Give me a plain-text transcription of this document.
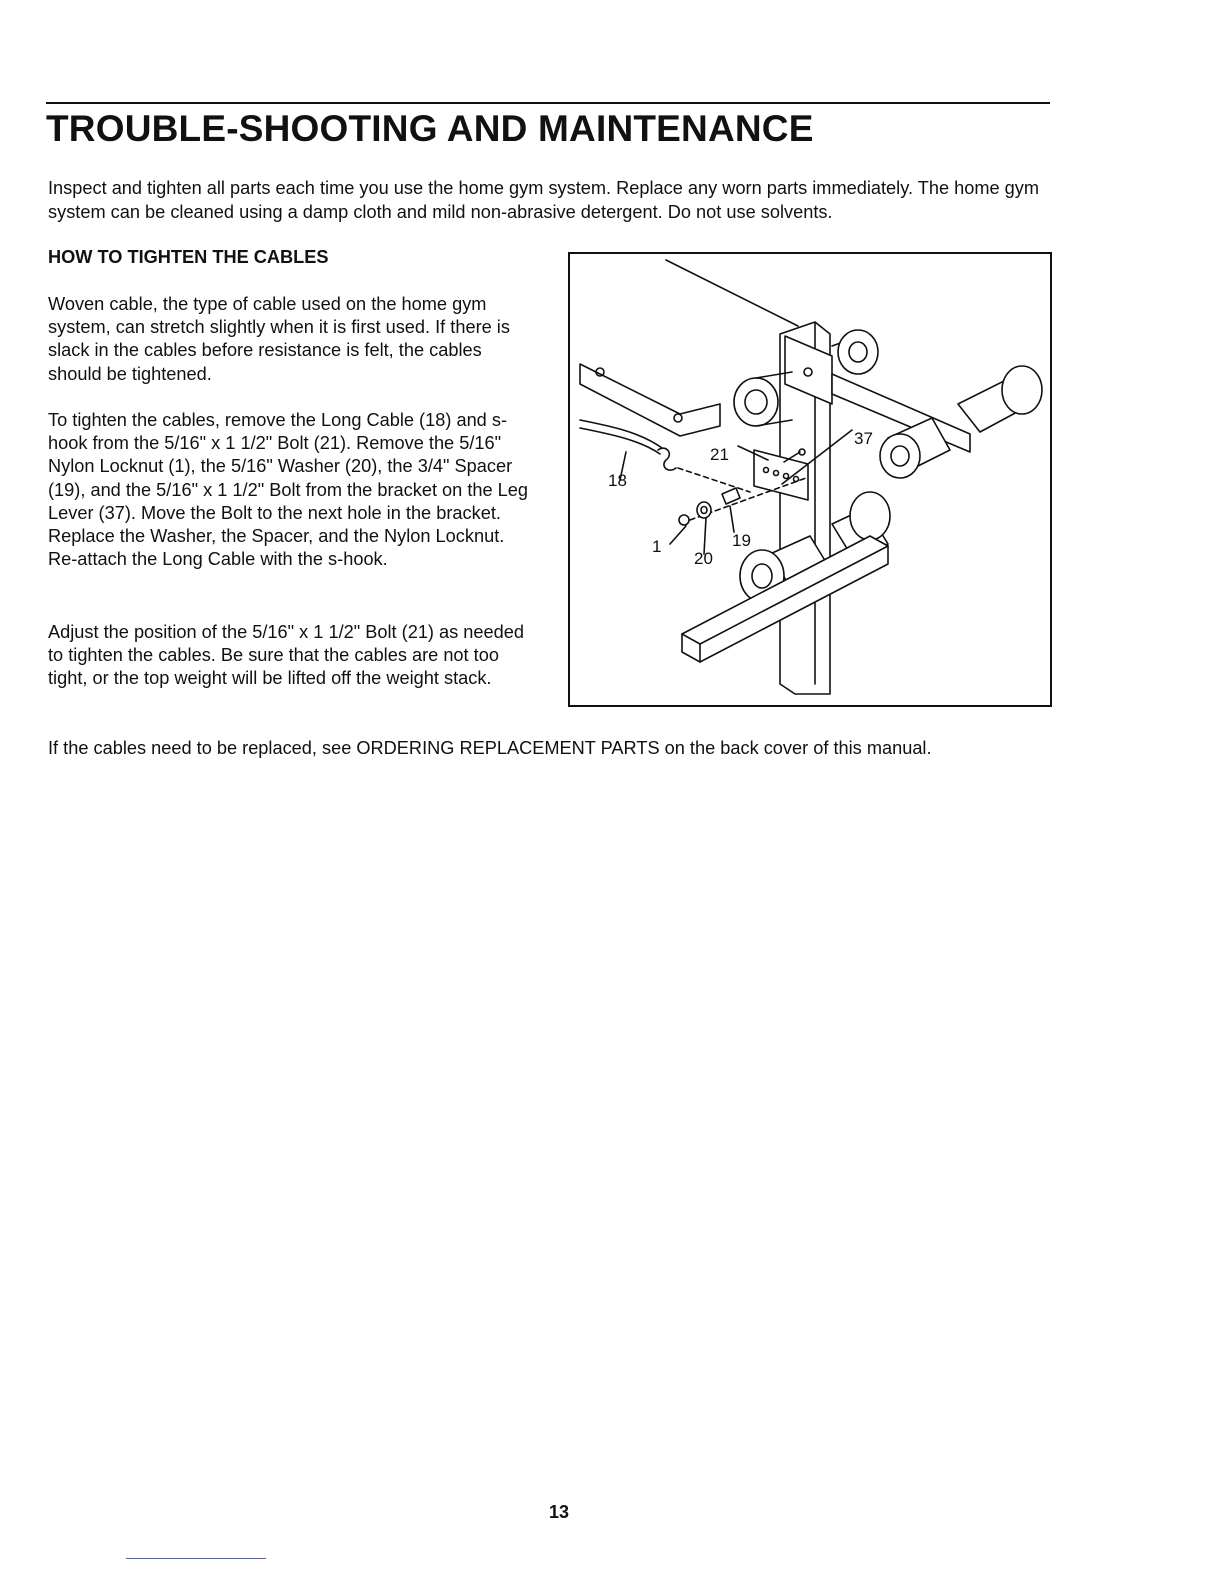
TROUBLE-SHOOTING AND MAINTENANCE

Inspect and tighten all parts each time you use the home gym system. Replace any worn parts immediately. The home gym system can be cleaned using a damp cloth and mild non-abrasive detergent. Do not use solvents.

HOW TO TIGHTEN THE CABLES

Woven cable, the type of cable used on the home gym system, can stretch slightly when it is first used. If there is slack in the cables before resistance is felt, the cables should be tightened.

To tighten the cables, remove the Long Cable (18) and s-hook from the 5/16" x 1 1/2" Bolt (21). Remove the 5/16" Nylon Locknut (1), the 5/16" Washer (20), the 3/4" Spacer (19), and the 5/16" x 1 1/2" Bolt from the bracket on the Leg Lever (37). Move the Bolt to the next hole in the bracket. Replace the Washer, the Spacer, and the Nylon Locknut. Re-attach the Long Cable with the s-hook.

Adjust the position of the 5/16" x 1 1/2" Bolt (21) as needed to tighten the cables. Be sure that the cables are not too tight, or the top weight will be lifted off the weight stack.

21
37
18
1	19
20

If the cables need to be replaced, see ORDERING REPLACEMENT PARTS on the back cover of this manual.

13
